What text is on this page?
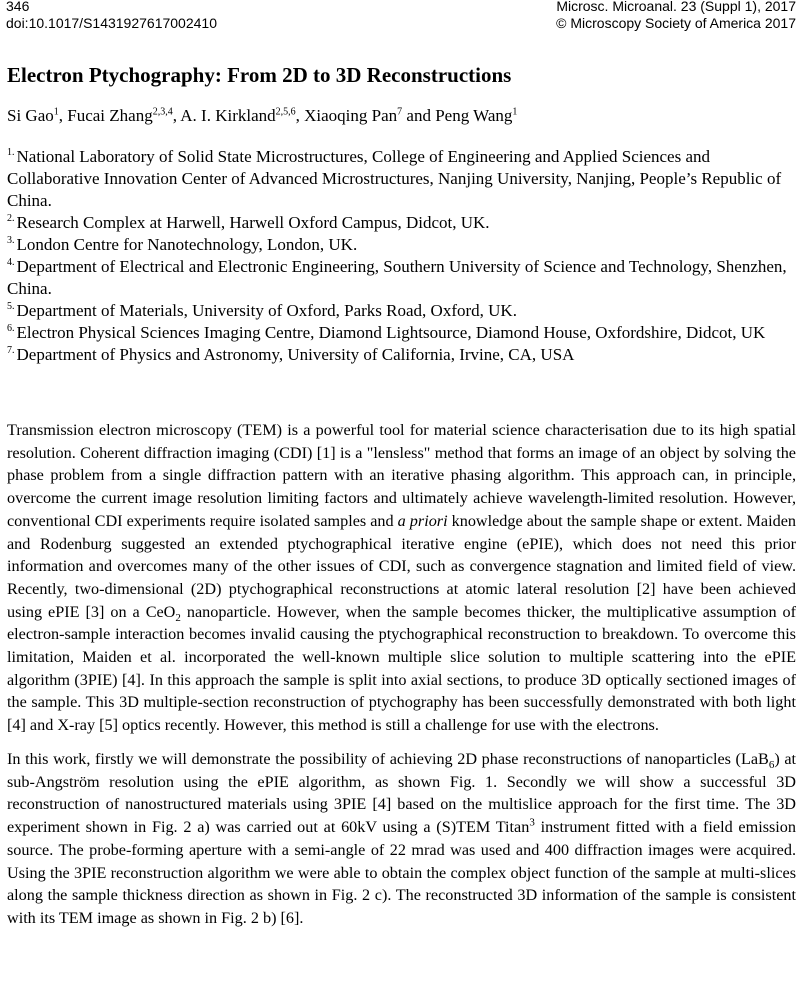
346
doi:10.1017/S1431927617002410
Microsc. Microanal. 23 (Suppl 1), 2017
© Microscopy Society of America 2017
Electron Ptychography: From 2D to 3D Reconstructions
Si Gao$^1$, Fucai Zhang$^{2,3,4}$, A. I. Kirkland$^{2,5,6}$, Xiaoqing Pan$^7$ and Peng Wang$^1$

$^{1.}$ National Laboratory of Solid State Microstructures, College of Engineering and Applied Sciences and Collaborative Innovation Center of Advanced Microstructures, Nanjing University, Nanjing, People’s Republic of China.

$^{2.}$ Research Complex at Harwell, Harwell Oxford Campus, Didcot, UK.

$^{3.}$ London Centre for Nanotechnology, London, UK.

$^{4.}$ Department of Electrical and Electronic Engineering, Southern University of Science and Technology, Shenzhen, China.

$^{5.}$ Department of Materials, University of Oxford, Parks Road, Oxford, UK.

$^{6.}$ Electron Physical Sciences Imaging Centre, Diamond Lightsource, Diamond House, Oxfordshire, Didcot, UK

$^{7.}$ Department of Physics and Astronomy, University of California, Irvine, CA, USA

Transmission electron microscopy (TEM) is a powerful tool for material science characterisation due to its high spatial resolution. Coherent diffraction imaging (CDI) [1] is a "lensless" method that forms an image of an object by solving the phase problem from a single diffraction pattern with an iterative phasing algorithm. This approach can, in principle, overcome the current image resolution limiting factors and ultimately achieve wavelength-limited resolution. However, conventional CDI experiments require isolated samples and a priori knowledge about the sample shape or extent. Maiden and Rodenburg suggested an extended ptychographical iterative engine (ePIE), which does not need this prior information and overcomes many of the other issues of CDI, such as convergence stagnation and limited field of view. Recently, two-dimensional (2D) ptychographical reconstructions at atomic lateral resolution [2] have been achieved using ePIE [3] on a CeO$_2$ nanoparticle. However, when the sample becomes thicker, the multiplicative assumption of electron-sample interaction becomes invalid causing the ptychographical reconstruction to breakdown. To overcome this limitation, Maiden et al. incorporated the well-known multiple slice solution to multiple scattering into the ePIE algorithm (3PIE) [4]. In this approach the sample is split into axial sections, to produce 3D optically sectioned images of the sample. This 3D multiple-section reconstruction of ptychography has been successfully demonstrated with both light [4] and X-ray [5] optics recently. However, this method is still a challenge for use with the electrons.

In this work, firstly we will demonstrate the possibility of achieving 2D phase reconstructions of nanoparticles (LaB$_6$) at sub-Angström resolution using the ePIE algorithm, as shown Fig. 1. Secondly we will show a successful 3D reconstruction of nanostructured materials using 3PIE [4] based on the multislice approach for the first time. The 3D experiment shown in Fig. 2 a) was carried out at 60kV using a (S)TEM Titan$^3$ instrument fitted with a field emission source. The probe-forming aperture with a semi-angle of 22 mrad was used and 400 diffraction images were acquired. Using the 3PIE reconstruction algorithm we were able to obtain the complex object function of the sample at multi-slices along the sample thickness direction as shown in Fig. 2 c). The reconstructed 3D information of the sample is consistent with its TEM image as shown in Fig. 2 b) [6].
